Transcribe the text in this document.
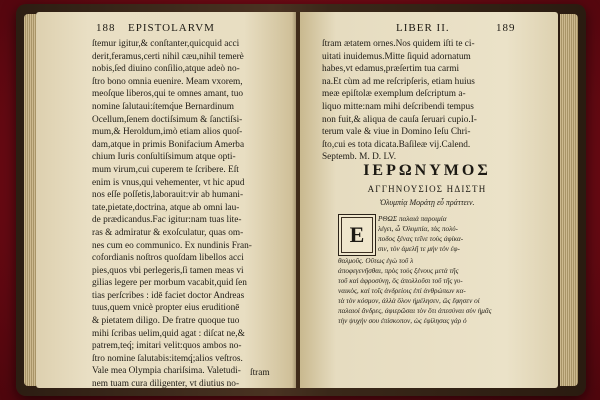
188 EPISTOLARVM
ſtemur igitur,& conſtanter,quicquid acci
derit,feramus,certi nihil cæu,nihil temerè
nobis,ſed diuino conſilio,atque adeò no-
ſtro bono omnia euenire. Meam vxorem,
meoſque liberos,qui te omnes amant, tuo
nomine ſalutaui:ítemq́ue Bernardinum
Ocellum,ſenem doctiſsimum & ſanctiſsi-
mum,& Heroldum,imò etiam alios quoſ-
dam,atque in primis Bonifacium Amerba
chium Iuris conſultiſsimum atque opti-
mum virum,cui cuperem te ſcribere. Eſt
enim is vnus,qui vehementer, vt hic apud
nos eſſe poſſetis,laborauit:vir ab humani-
tate,pietate,doctrina, atque ab omni lau-
de prædicandus.Fac igitur:nam tuas lite-
ras & admiratur & exoſculatur, quas om-
nes cum eo communico. Ex nundinis Fran-
cofordianis noſtros quoſdam libellos acci
pies,quos vbi perlegeris,ſi tamen meas vi
gilias legere per morbum vacabit,quid ſen
tias perſcribes : idē faciet doctor Andreas
tuus,quem vnicè propter eius eruditionē
& pietatem diligo. De fratre quoque tuo
mihi ſcribas uelim,quid agat : diſcat ne,&
patrem,teq́; imitari velit:quos ambos no-
ſtro nomine ſalutabis:itemq́;alios veſtros.
Vale mea Olympia chariſsima. Valetudi-
nem tuam cura diligenter, vt diutius no-
ſtram
LIBER II.	189
ſtram ætatem ornes.Nos quidem iſti te ci-
uitati inuidemus.Mitte ſiquid adornatum
habes,vt edamus,præſertim tua carmi
na.Et cùm ad me reſcripſeris, etiam huius
meæ epiſtolæ exemplum deſcriptum a-
liquo mitte:nam mihi deſcribendi tempus
non fuit,& aliqua de cauſa ſeruari cupio.I-
terum vale & viue in Domino Ieſu Chri-
ſto,cui es tota dicata.Baſileæ vij.Calend.
Septemb. M. D. LV.
ΙΕΡΩΝΥΜΟΣ
ΑΓΓΗΝΟΥΣΙΟΣ ΗΔΙΣΤΗ
Ὀλυμπίᾳ Μοράτῃ εὖ πράττειν.
Ε
ΡΘΩΣ παλαιὰ παροιμία
λέγει, ὦ Ὀλυμπία, τὰς πολύ-
ποδος ξένας τεῖνε τοὺς ἀφίκα-
σιν, τὸν ἀμελῆ τε μὴν τὸν ἐφ-
θαλμοῦς. Οὕτως ἐγὼ τοῦ λ
ἀποφεγενῆσθαι, πρὸς τοὺς ξένους μετὰ τῆς
τοῦ καὶ ἀφροσύνῃ, ὅς ἀπολλοῦσι τοῦ τῆς γυ-
ναικὸς, καὶ τοῖς ἀνδρείοις ἐπὶ ἀνθρώπων κα-
τὰ τὸν κόσμον, ἀλλὰ ὅλον ἠμέλησεν, ὥς ἔφησεν οἱ
παλαιοὶ ἄνδρες, ἀφιερῶσαι τὸν ὅτι ἀπεσύναι σὺν ἡμᾶς
τὴν ψυχὴν σου ἐπίσκοπον, ὡς ἐφίλησας γάρ ὁ
